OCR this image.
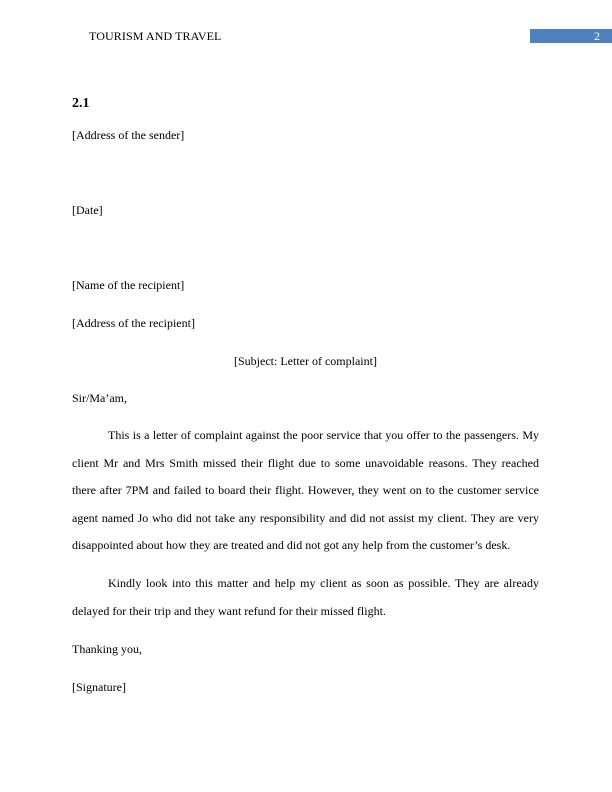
TOURISM AND TRAVEL	2
2.1
[Address of the sender]
[Date]
[Name of the recipient]
[Address of the recipient]
[Subject: Letter of complaint]
Sir/Ma’am,
This is a letter of complaint against the poor service that you offer to the passengers. My client Mr and Mrs Smith missed their flight due to some unavoidable reasons. They reached there after 7PM and failed to board their flight. However, they went on to the customer service agent named Jo who did not take any responsibility and did not assist my client. They are very disappointed about how they are treated and did not got any help from the customer’s desk.
Kindly look into this matter and help my client as soon as possible. They are already delayed for their trip and they want refund for their missed flight.
Thanking you,
[Signature]
